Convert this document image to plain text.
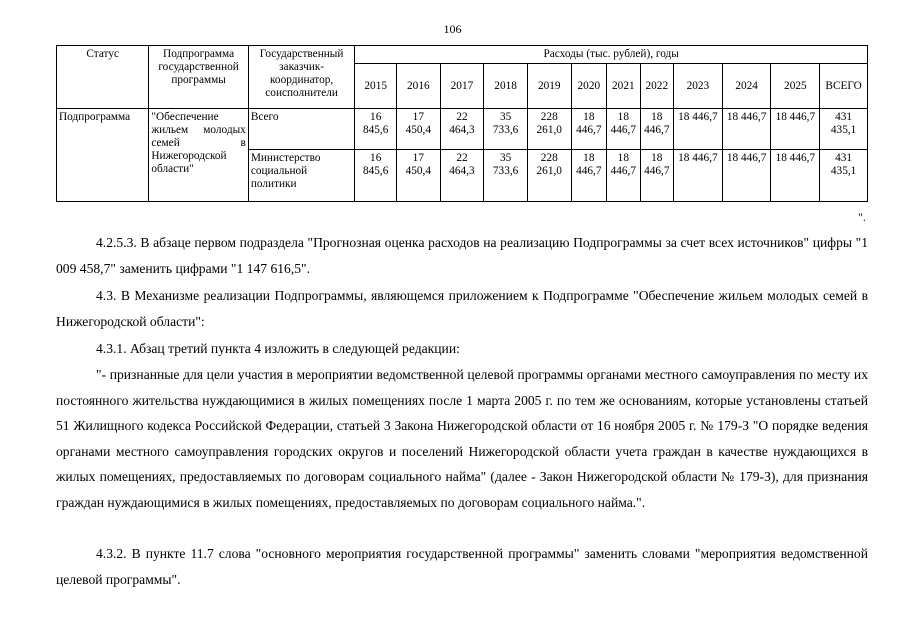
106
Статус	Подпрограмма государственной программы	Государственный заказчик-координатор, соисполнители	Расходы (тыс. рублей), годы											
			2015	2016	2017	2018	2019	2020	2021	2022	2023	2024	2025	ВСЕГО
Подпрограмма	"Обеспечение жильем молодых семей в Нижегородской области"	Всего	16 845,6	17 450,4	22 464,3	35 733,6	228 261,0	18 446,7	18 446,7	18 446,7	18 446,7	18 446,7	18 446,7	431 435,1
		Министерство социальной политики	16 845,6	17 450,4	22 464,3	35 733,6	228 261,0	18 446,7	18 446,7	18 446,7	18 446,7	18 446,7	18 446,7	431 435,1
".

4.2.5.3. В абзаце первом подраздела "Прогнозная оценка расходов на реализацию Подпрограммы за счет всех источников" цифры "1 009 458,7" заменить цифрами "1 147 616,5".

4.3. В Механизме реализации Подпрограммы, являющемся приложением к Подпрограмме "Обеспечение жильем молодых семей в Нижегородской области":

4.3.1. Абзац третий пункта 4 изложить в следующей редакции:

"- признанные для цели участия в мероприятии ведомственной целевой программы органами местного самоуправления по месту их постоянного жительства нуждающимися в жилых помещениях после 1 марта 2005 г. по тем же основаниям, которые установлены статьей 51 Жилищного кодекса Российской Федерации, статьей 3 Закона Нижегородской области от 16 ноября 2005 г. № 179-З "О порядке ведения органами местного самоуправления городских округов и поселений Нижегородской области учета граждан в качестве нуждающихся в жилых помещениях, предоставляемых по договорам социального найма" (далее - Закон Нижегородской области № 179-З), для признания граждан нуждающимися в жилых помещениях, предоставляемых по договорам социального найма.".

4.3.2. В пункте 11.7 слова "основного мероприятия государственной программы" заменить словами "мероприятия ведомственной целевой программы".
